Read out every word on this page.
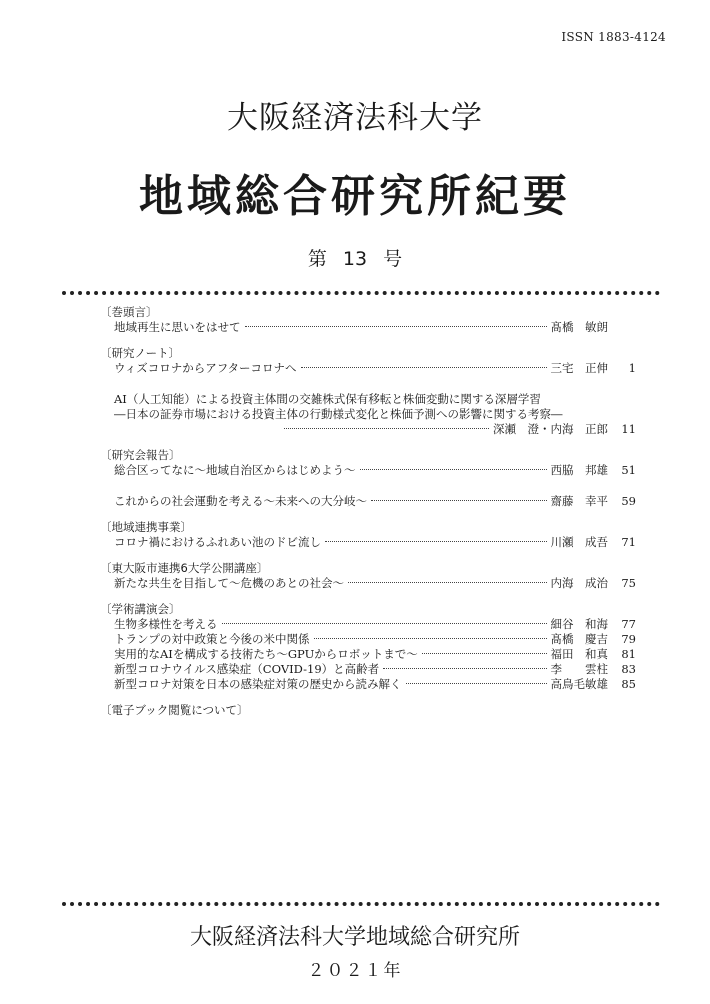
ISSN 1883-4124
大阪経済法科大学
地域総合研究所紀要
第 13 号
〔巻頭言〕
地域再生に思いをはせて	髙橋　敏朗
〔研究ノート〕
ウィズコロナからアフターコロナへ	三宅　正伸	1
AI（人工知能）による投資主体間の交雑株式保有移転と株価変動に関する深層学習
―日本の証券市場における投資主体の行動様式変化と株価予測への影響に関する考察―
深瀬　澄・内海　正郎	11
〔研究会報告〕
総合区ってなに～地域自治区からはじめよう～	西脇　邦雄	51
これからの社会運動を考える～未来への大分岐～	齋藤　幸平	59
〔地域連携事業〕
コロナ禍におけるふれあい池のドビ流し	川瀬　成吾	71
〔東大阪市連携6大学公開講座〕
新たな共生を目指して～危機のあとの社会～	内海　成治	75
〔学術講演会〕
生物多様性を考える	細谷　和海	77
トランプの対中政策と今後の米中関係	髙橋　慶吉	79
実用的なAIを構成する技術たち～GPUからロボットまで～	福田　和真	81
新型コロナウイルス感染症（COVID-19）と高齢者	李　　雲柱	83
新型コロナ対策を日本の感染症対策の歴史から読み解く	高鳥毛敏雄	85
〔電子ブック閲覧について〕
大阪経済法科大学地域総合研究所
２０２１年
